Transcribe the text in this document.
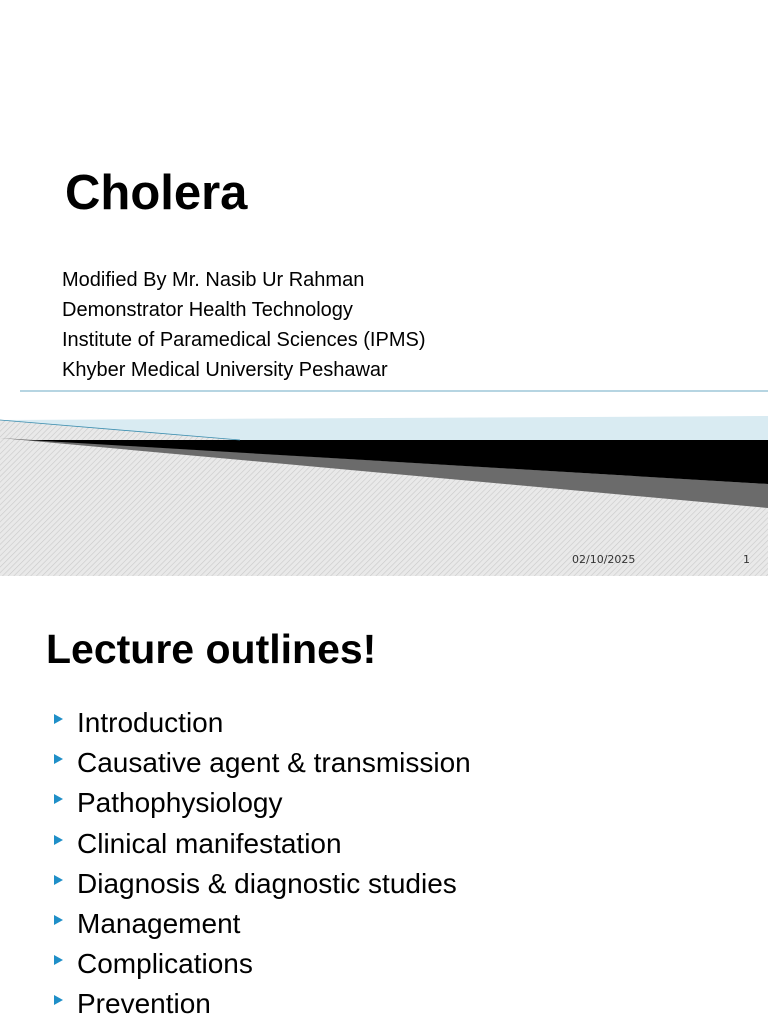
Cholera
Modified By Mr. Nasib Ur Rahman
Demonstrator Health Technology
Institute of Paramedical Sciences (IPMS)
Khyber Medical University Peshawar
02/10/2025	1
Lecture outlines!
Introduction
Causative agent & transmission
Pathophysiology
Clinical manifestation
Diagnosis & diagnostic studies
Management
Complications
Prevention
